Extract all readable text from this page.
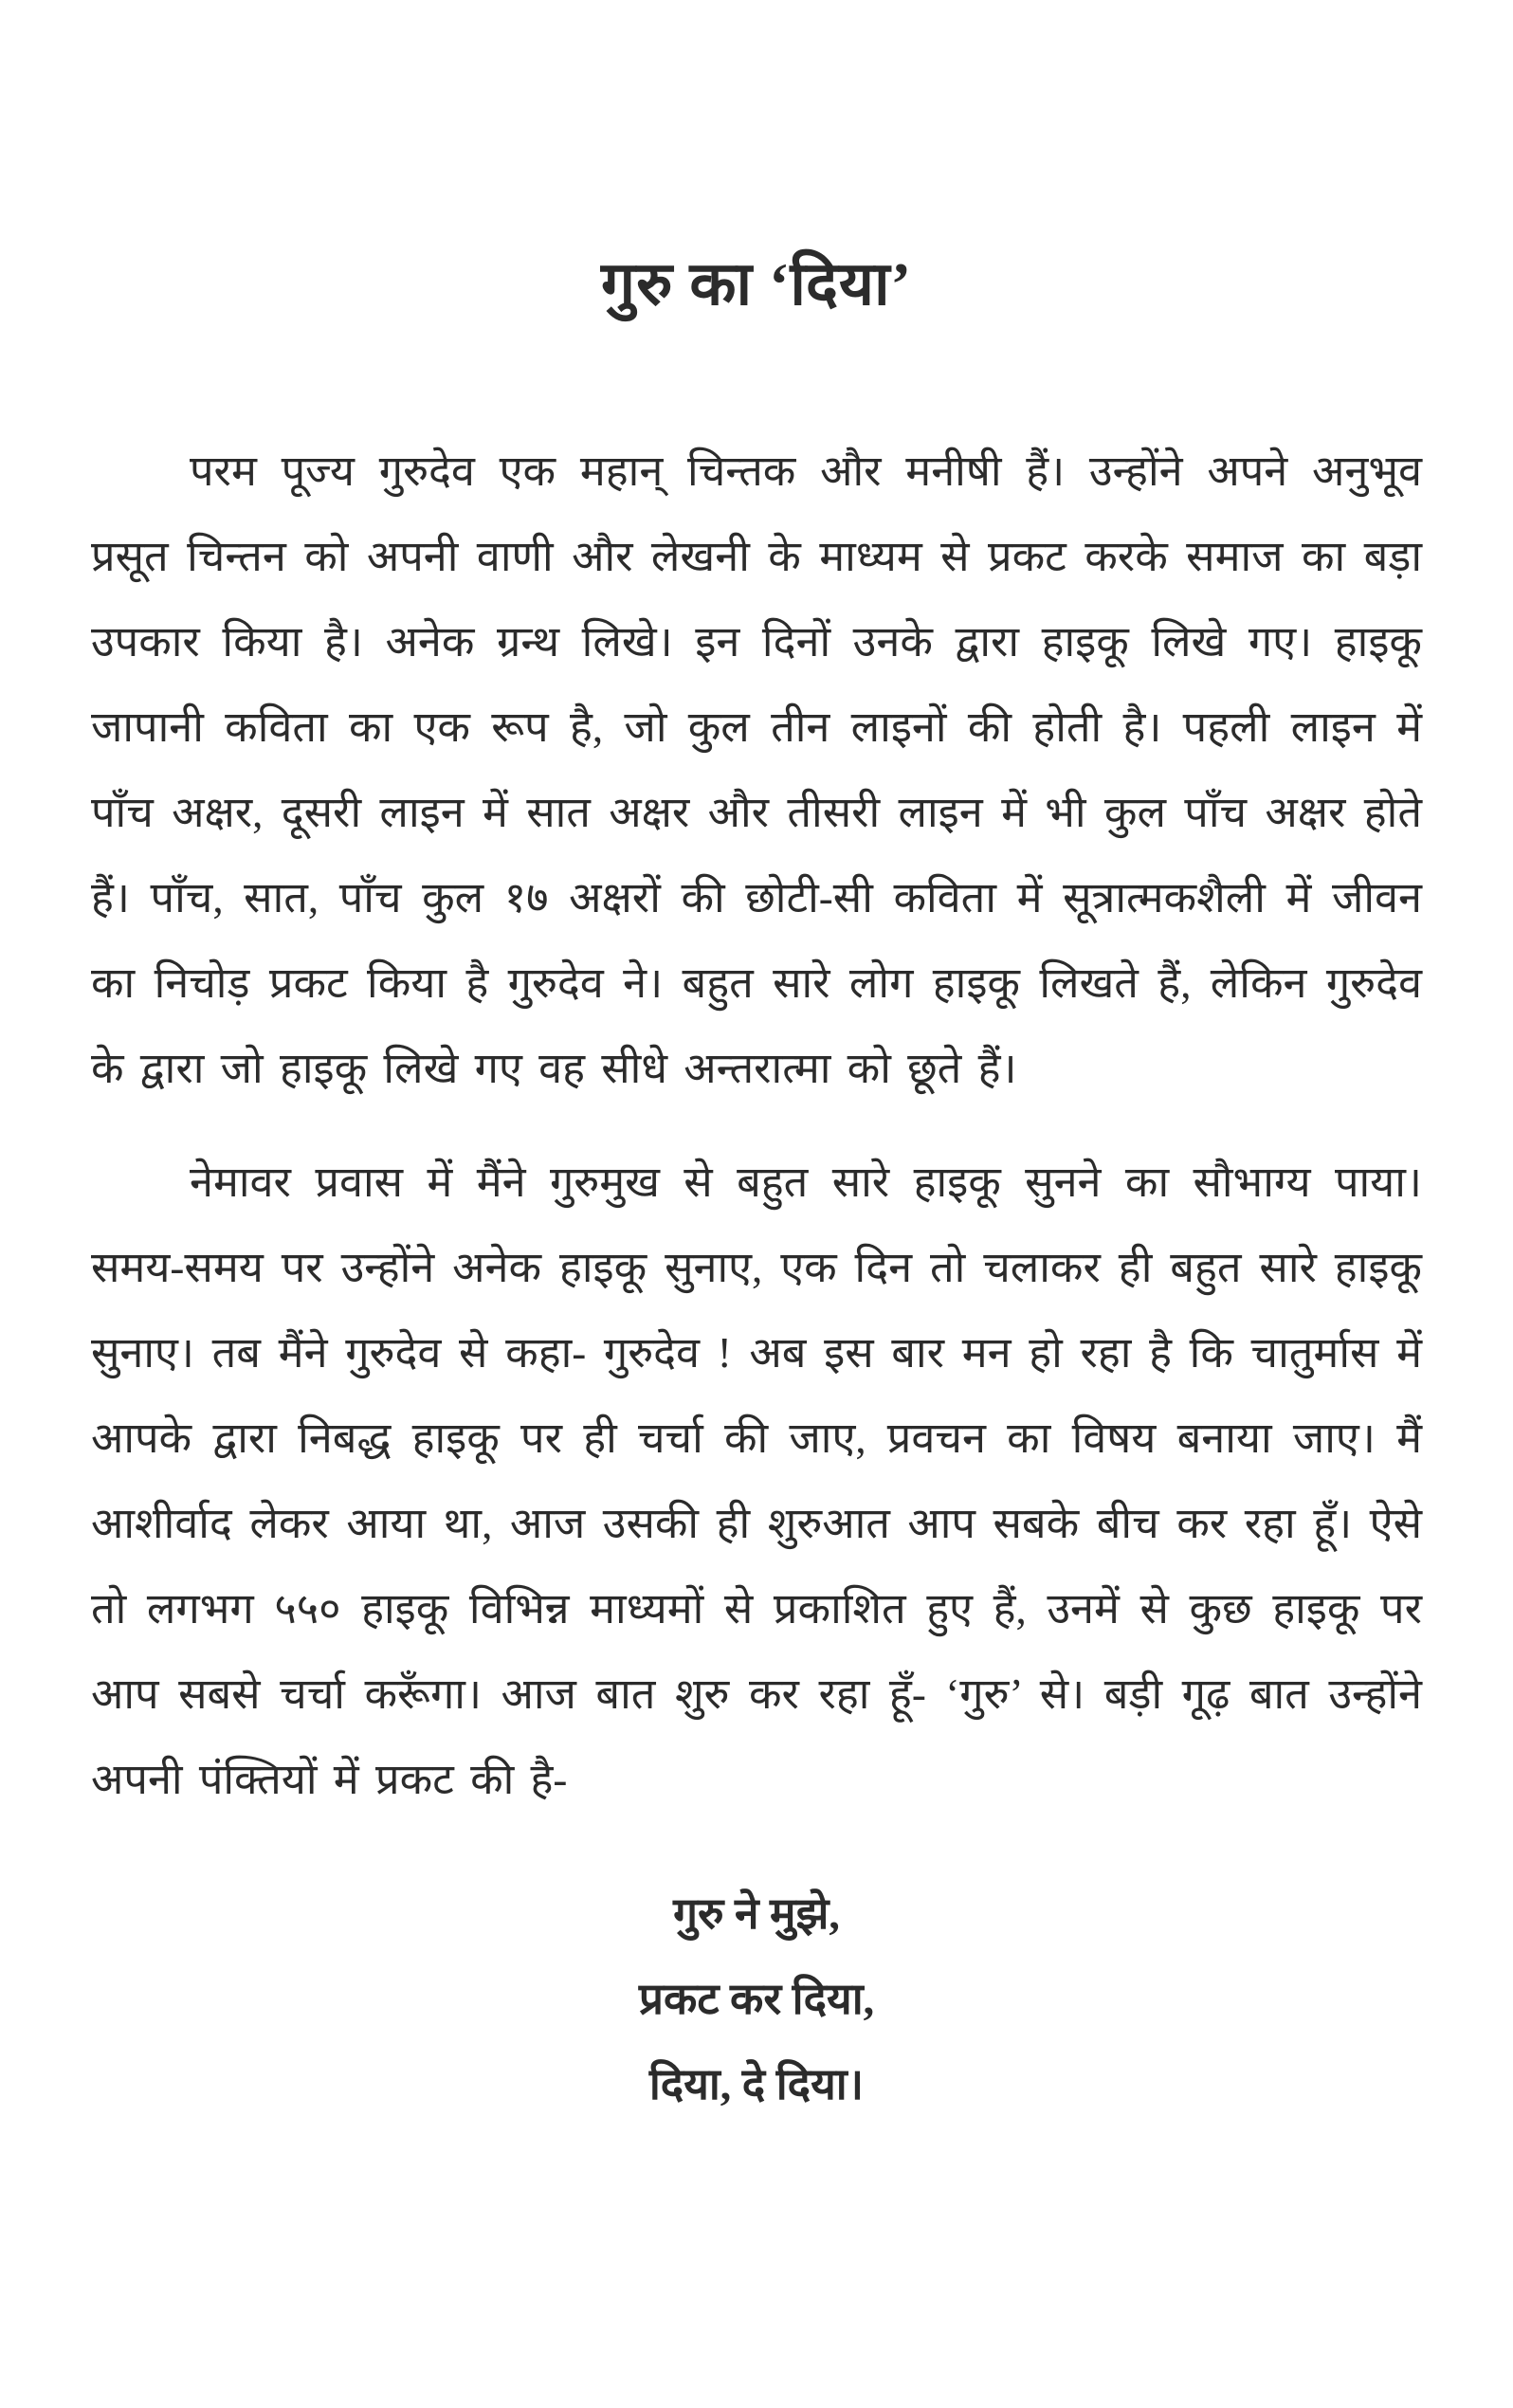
गुरु का ‘दिया’

परम पूज्य गुरुदेव एक महान् चिन्तक और मनीषी हैं। उन्होंने अपने अनुभूव प्रसूत चिन्तन को अपनी वाणी और लेखनी के माध्यम से प्रकट करके समाज का बड़ा उपकार किया है। अनेक ग्रन्थ लिखे। इन दिनों उनके द्वारा हाइकू लिखे गए। हाइकू जापानी कविता का एक रूप है, जो कुल तीन लाइनों की होती है। पहली लाइन में पाँच अक्षर, दूसरी लाइन में सात अक्षर और तीसरी लाइन में भी कुल पाँच अक्षर होते हैं। पाँच, सात, पाँच कुल १७ अक्षरों की छोटी-सी कविता में सूत्रात्मकशैली में जीवन का निचोड़ प्रकट किया है गुरुदेव ने। बहुत सारे लोग हाइकू लिखते हैं, लेकिन गुरुदेव के द्वारा जो हाइकू लिखे गए वह सीधे अन्तरात्मा को छूते हैं।

नेमावर प्रवास में मैंने गुरुमुख से बहुत सारे हाइकू सुनने का सौभाग्य पाया। समय-समय पर उन्होंने अनेक हाइकू सुनाए, एक दिन तो चलाकर ही बहुत सारे हाइकू सुनाए। तब मैंने गुरुदेव से कहा- गुरुदेव ! अब इस बार मन हो रहा है कि चातुर्मास में आपके द्वारा निबद्ध हाइकू पर ही चर्चा की जाए, प्रवचन का विषय बनाया जाए। मैं आशीर्वाद लेकर आया था, आज उसकी ही शुरुआत आप सबके बीच कर रहा हूँ। ऐसे तो लगभग ५५० हाइकू विभिन्न माध्यमों से प्रकाशित हुए हैं, उनमें से कुछ हाइकू पर आप सबसे चर्चा करूँगा। आज बात शुरु कर रहा हूँ- ‘गुरु’ से। बड़ी गूढ़ बात उन्होंने अपनी पंक्तियों में प्रकट की है-

गुरु ने मुझे,
प्रकट कर दिया,
दिया, दे दिया।
